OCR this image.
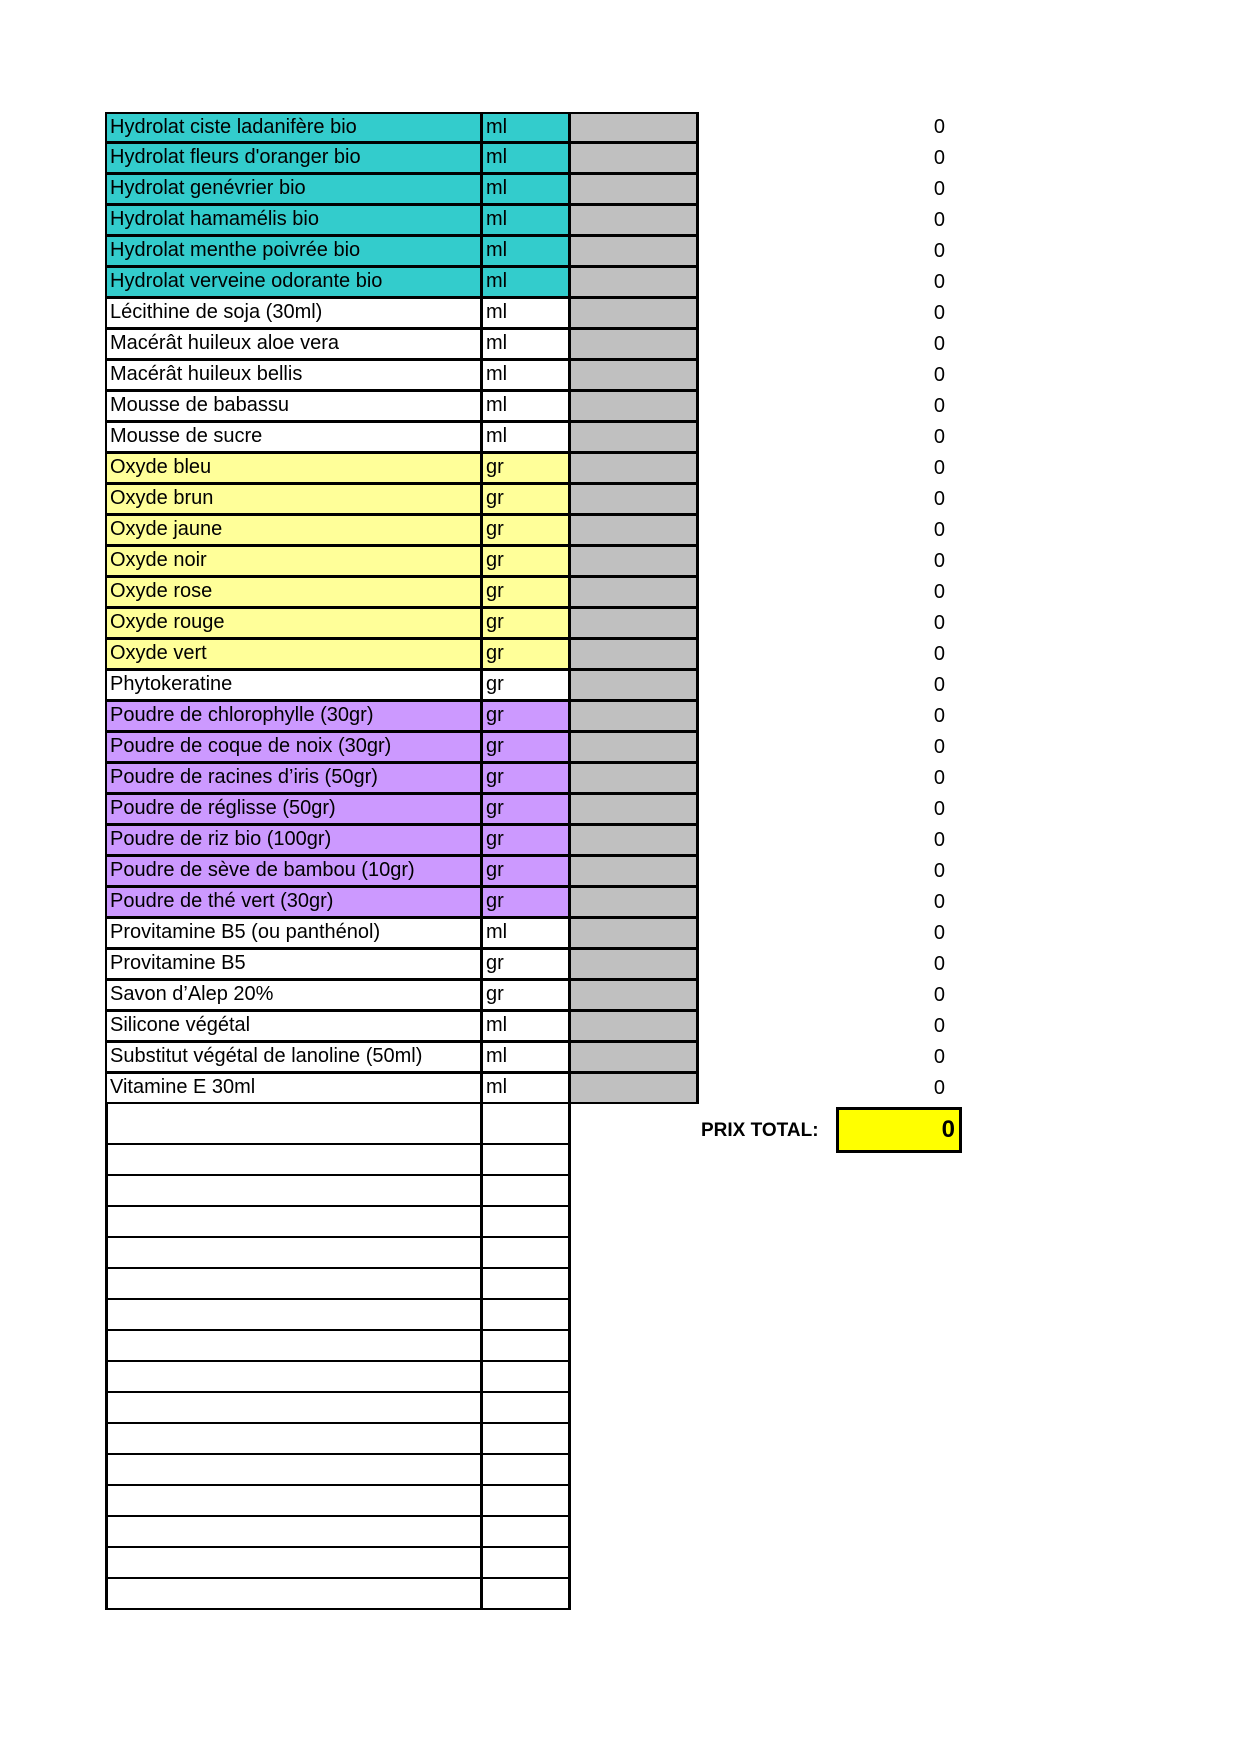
Hydrolat ciste ladanifère bio	ml	0
Hydrolat fleurs d'oranger bio	ml	0
Hydrolat genévrier bio	ml	0
Hydrolat hamamélis bio	ml	0
Hydrolat menthe poivrée bio	ml	0
Hydrolat verveine odorante bio	ml	0
Lécithine de soja (30ml)	ml	0
Macérât huileux aloe vera	ml	0
Macérât huileux bellis	ml	0
Mousse de babassu	ml	0
Mousse de sucre	ml	0
Oxyde bleu	gr	0
Oxyde brun	gr	0
Oxyde jaune	gr	0
Oxyde noir	gr	0
Oxyde rose	gr	0
Oxyde rouge	gr	0
Oxyde vert	gr	0
Phytokeratine	gr	0
Poudre de chlorophylle (30gr)	gr	0
Poudre de coque de noix (30gr)	gr	0
Poudre de racines d’iris (50gr)	gr	0
Poudre de réglisse (50gr)	gr	0
Poudre de riz bio (100gr)	gr	0
Poudre de sève de bambou (10gr)	gr	0
Poudre de thé vert (30gr)	gr	0
Provitamine B5 (ou panthénol)	ml	0
Provitamine B5	gr	0
Savon d’Alep 20%	gr	0
Silicone végétal	ml	0
Substitut végétal de lanoline (50ml)	ml	0
Vitamine E 30ml	ml	0
PRIX TOTAL:	0
